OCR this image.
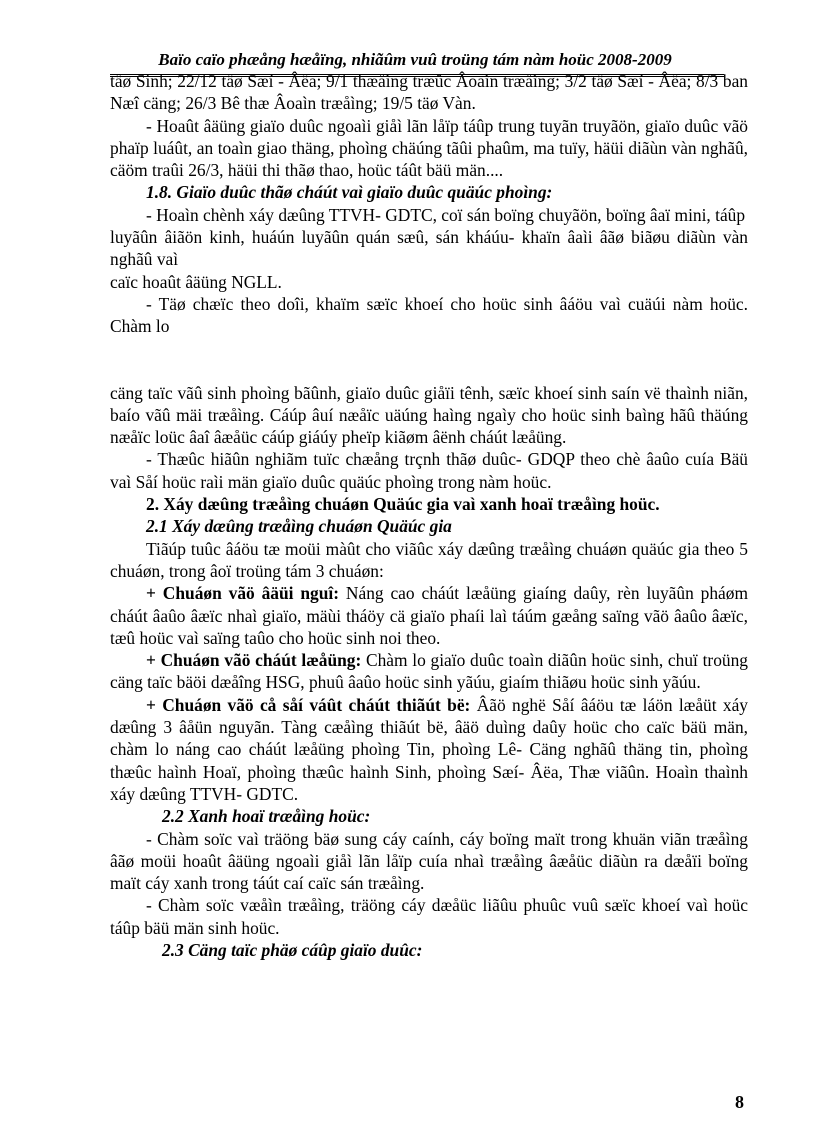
Baïo caïo phæång hæåïng, nhiãûm vuû troüng tám nàm hoüc 2008-2009

täø Sinh; 22/12 täø Sæí - Âëa; 9/1 thæåìng træûc Âoaìn træåìng; 3/2 täø Sæí - Âëa; 8/3 ban Næî cäng; 26/3 Bê thæ Âoaìn træåìng; 19/5 täø Vàn.

- Hoaût âäüng giaïo duûc ngoaìi giåì lãn låïp táûp trung tuyãn truyãön, giaïo duûc vãö phaïp luáût, an toaìn giao thäng, phoìng chäúng tãûi phaûm, ma tuïy, häüi diãùn vàn nghãû, cäöm traûi 26/3, häüi thi thãø thao, hoüc táût bäü män....

1.8. Giaïo duûc thãø cháút vaì giaïo duûc quäúc phoìng:

- Hoaìn chènh xáy dæûng TTVH- GDTC, coï sán boïng chuyãön, boïng âaï mini, táûp

luyãûn âiãön kinh, huáún luyãûn quán sæû, sán kháúu- khaïn âaìi âãø biãøu diãùn vàn nghãû vaì

caïc hoaût âäüng NGLL.

- Täø chæïc theo doîi, khaïm sæïc khoeí cho hoüc sinh âáöu vaì cuäúi nàm hoüc. Chàm lo

cäng taïc vãû sinh phoìng bãûnh, giaïo duûc giåïi tênh, sæïc khoeí sinh saín vë thaình niãn, baío vãû mäi træåìng. Cáúp âuí næåïc uäúng haìng ngaìy cho hoüc sinh baìng hãû thäúng næåïc loüc âaî âæåüc cáúp giáúy pheïp kiãøm âënh cháút læåüng.

- Thæûc hiãûn nghiãm tuïc chæång trçnh thãø duûc- GDQP theo chè âaûo cuía Bäü vaì Såí hoüc raìi män giaïo duûc quäúc phoìng trong nàm hoüc.

2. Xáy dæûng træåìng chuáøn Quäúc gia vaì xanh hoaï træåìng hoüc.

2.1 Xáy dæûng træåìng chuáøn Quäúc gia

Tiãúp tuûc âáöu tæ moüi màût cho viãûc xáy dæûng træåìng chuáøn quäúc gia theo 5 chuáøn, trong âoï troüng tám 3 chuáøn:

+ Chuáøn vãö âäüi nguî: Náng cao cháút læåüng giaíng daûy, rèn luyãûn pháøm cháút âaûo âæïc nhaì giaïo, mäùi tháöy cä giaïo phaíi laì táúm gæång saïng vãö âaûo âæïc, tæû hoüc vaì saïng taûo cho hoüc sinh noi theo.

+ Chuáøn vãö cháút læåüng: Chàm lo giaïo duûc toaìn diãûn hoüc sinh, chuï troüng cäng taïc bäöi dæåîng HSG, phuû âaûo hoüc sinh yãúu, giaím thiãøu hoüc sinh yãúu.

+ Chuáøn vãö cå såí váût cháút thiãút bë: Âãö nghë Såí âáöu tæ láön læåüt xáy dæûng 3 âåün nguyãn. Tàng cæåìng thiãút bë, âäö duìng daûy hoüc cho caïc bäü män, chàm lo náng cao cháút læåüng phoìng Tin, phoìng Lê- Cäng nghãû thäng tin, phoìng thæûc haình Hoaï, phoìng thæûc haình Sinh, phoìng Sæí- Âëa, Thæ viãûn. Hoaìn thaình xáy dæûng TTVH- GDTC.

2.2 Xanh hoaï træåìng hoüc:

- Chàm soïc vaì träöng bäø sung cáy caính, cáy boïng maït trong khuän viãn træåìng âãø moüi hoaût âäüng ngoaìi giåì lãn låïp cuía nhaì træåìng âæåüc diãùn ra dæåïi boïng maït cáy xanh trong táút caí caïc sán træåìng.

- Chàm soïc væåìn træåìng, träöng cáy dæåüc liãûu phuûc vuû sæïc khoeí vaì hoüc táûp bäü män sinh hoüc.

2.3 Cäng taïc phäø cáûp giaïo duûc:

8
